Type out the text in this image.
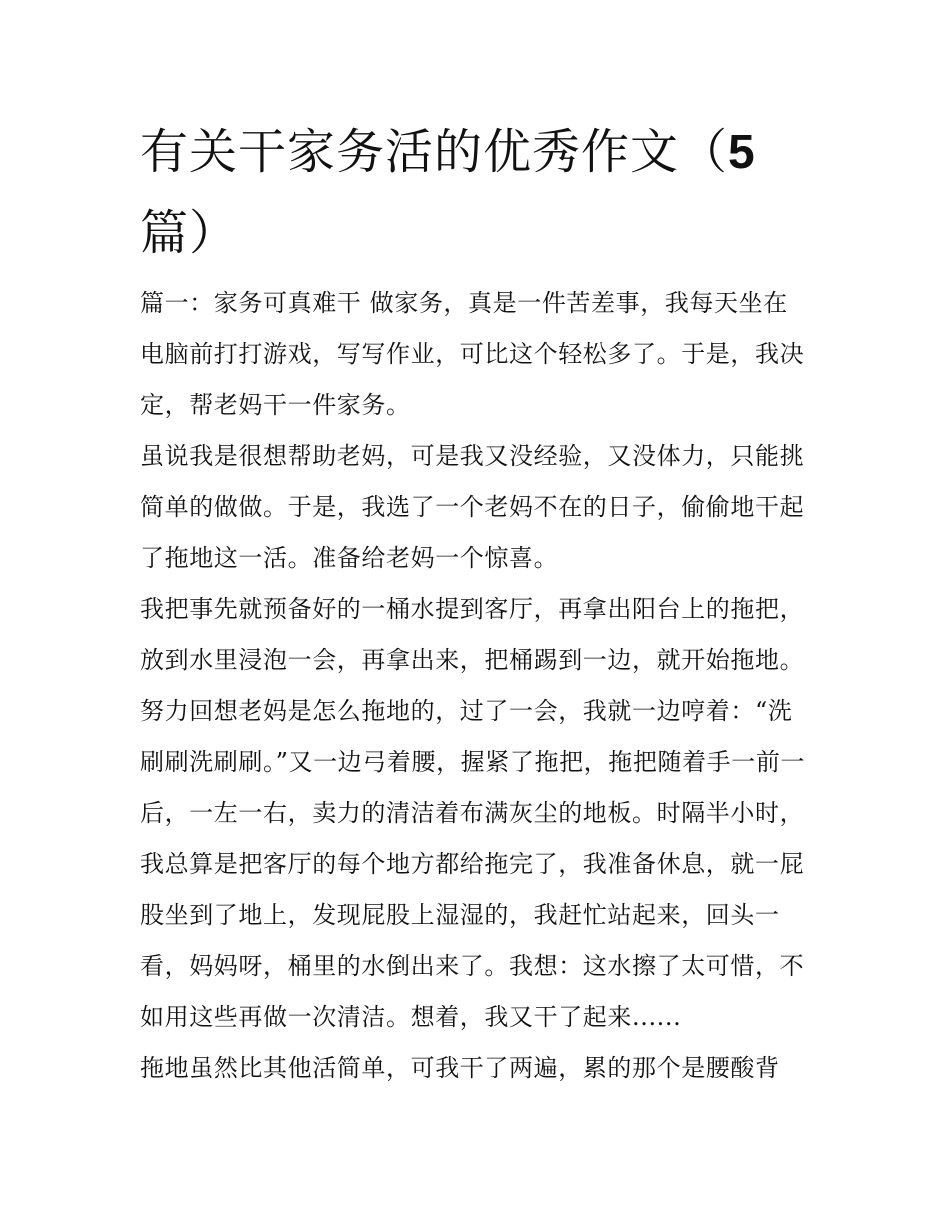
有关干家务活的优秀作文（5
篇）

篇一：家务可真难干 做家务，真是一件苦差事，我每天坐在电脑前打打游戏，写写作业，可比这个轻松多了。于是，我决定，帮老妈干一件家务。

虽说我是很想帮助老妈，可是我又没经验，又没体力，只能挑简单的做做。于是，我选了一个老妈不在的日子，偷偷地干起了拖地这一活。准备给老妈一个惊喜。

我把事先就预备好的一桶水提到客厅，再拿出阳台上的拖把，放到水里浸泡一会，再拿出来，把桶踢到一边，就开始拖地。努力回想老妈是怎么拖地的，过了一会，我就一边哼着：“洗刷刷洗刷刷。”又一边弓着腰，握紧了拖把，拖把随着手一前一后，一左一右，卖力的清洁着布满灰尘的地板。时隔半小时，我总算是把客厅的每个地方都给拖完了，我准备休息，就一屁股坐到了地上，发现屁股上湿湿的，我赶忙站起来，回头一看，妈妈呀，桶里的水倒出来了。我想：这水擦了太可惜，不如用这些再做一次清洁。想着，我又干了起来......

拖地虽然比其他活简单，可我干了两遍，累的那个是腰酸背
